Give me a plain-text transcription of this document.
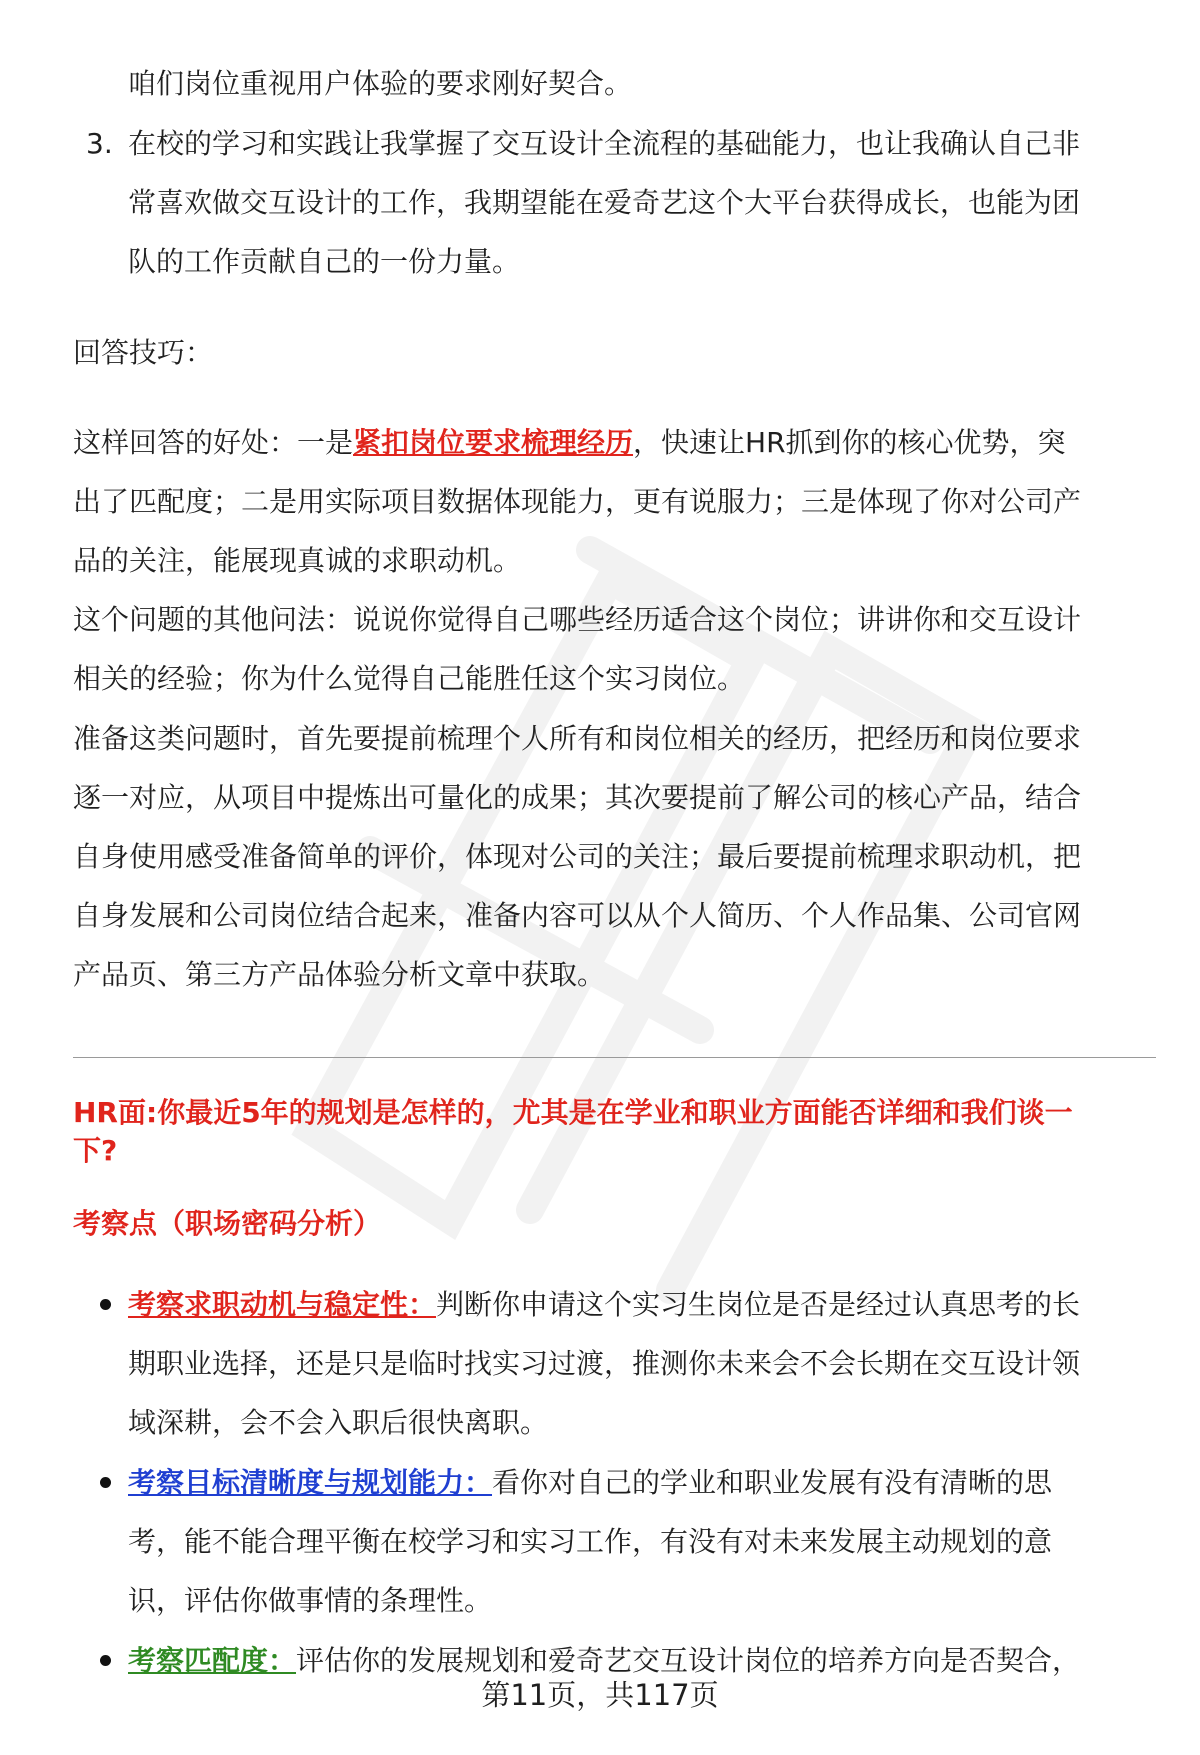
咱们岗位重视用户体验的要求刚好契合。
3. 在校的学习和实践让我掌握了交互设计全流程的基础能力，也让我确认自己非
常喜欢做交互设计的工作，我期望能在爱奇艺这个大平台获得成长，也能为团
队的工作贡献自己的一份力量。
回答技巧：
这样回答的好处：一是紧扣岗位要求梳理经历，快速让HR抓到你的核心优势，突
出了匹配度；二是用实际项目数据体现能力，更有说服力；三是体现了你对公司产
品的关注，能展现真诚的求职动机。
这个问题的其他问法：说说你觉得自己哪些经历适合这个岗位；讲讲你和交互设计
相关的经验；你为什么觉得自己能胜任这个实习岗位。
准备这类问题时，首先要提前梳理个人所有和岗位相关的经历，把经历和岗位要求
逐一对应，从项目中提炼出可量化的成果；其次要提前了解公司的核心产品，结合
自身使用感受准备简单的评价，体现对公司的关注；最后要提前梳理求职动机，把
自身发展和公司岗位结合起来，准备内容可以从个人简历、个人作品集、公司官网
产品页、第三方产品体验分析文章中获取。
HR面:你最近5年的规划是怎样的，尤其是在学业和职业方面能否详细和我们谈一
下?
考察点（职场密码分析）
考察求职动机与稳定性：判断你申请这个实习生岗位是否是经过认真思考的长
期职业选择，还是只是临时找实习过渡，推测你未来会不会长期在交互设计领
域深耕，会不会入职后很快离职。
考察目标清晰度与规划能力：看你对自己的学业和职业发展有没有清晰的思
考，能不能合理平衡在校学习和实习工作，有没有对未来发展主动规划的意
识，评估你做事情的条理性。
考察匹配度：评估你的发展规划和爱奇艺交互设计岗位的培养方向是否契合，
第11页，共117页
